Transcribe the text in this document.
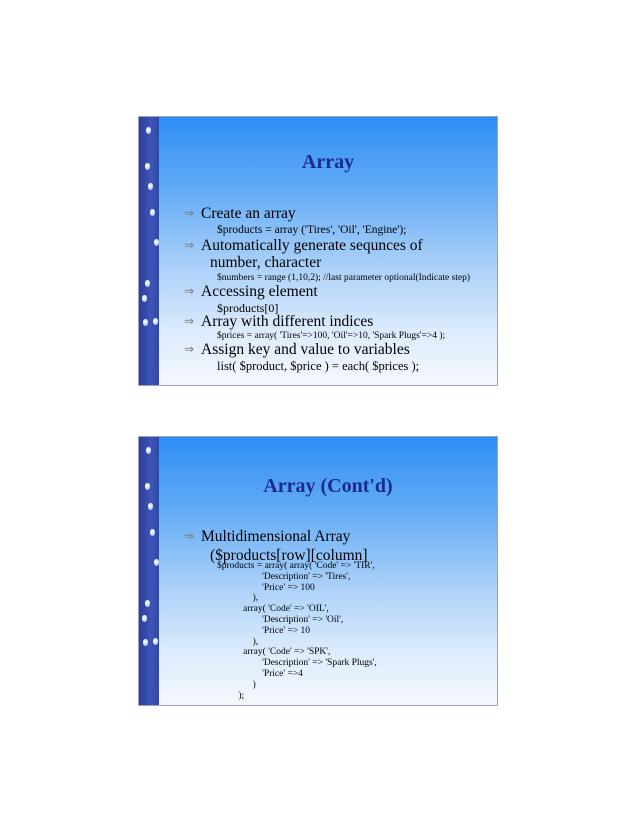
Array
⇒ Create an array
$products = array ('Tires', 'Oil', 'Engine');
⇒ Automatically generate sequnces of
number, character
$numbers = range (1,10,2); //last parameter optional(Indicate step)
⇒ Accessing element
$products[0]
⇒ Array with different indices
$prices = array( 'Tires'=>100, 'Oil'=>10, 'Spark Plugs'=>4 );
⇒ Assign key and value to variables
list( $product, $price ) = each( $prices );
Array (Cont'd)
⇒ Multidimensional Array
($products[row][column]
$products = array( array( 'Code' => 'TIR',
'Description' => 'Tires',
'Price' => 100
),
array( 'Code' => 'OIL',
'Description' => 'Oil',
'Price' => 10
),
array( 'Code' => 'SPK',
'Description' => 'Spark Plugs',
'Price' =>4
)
);
